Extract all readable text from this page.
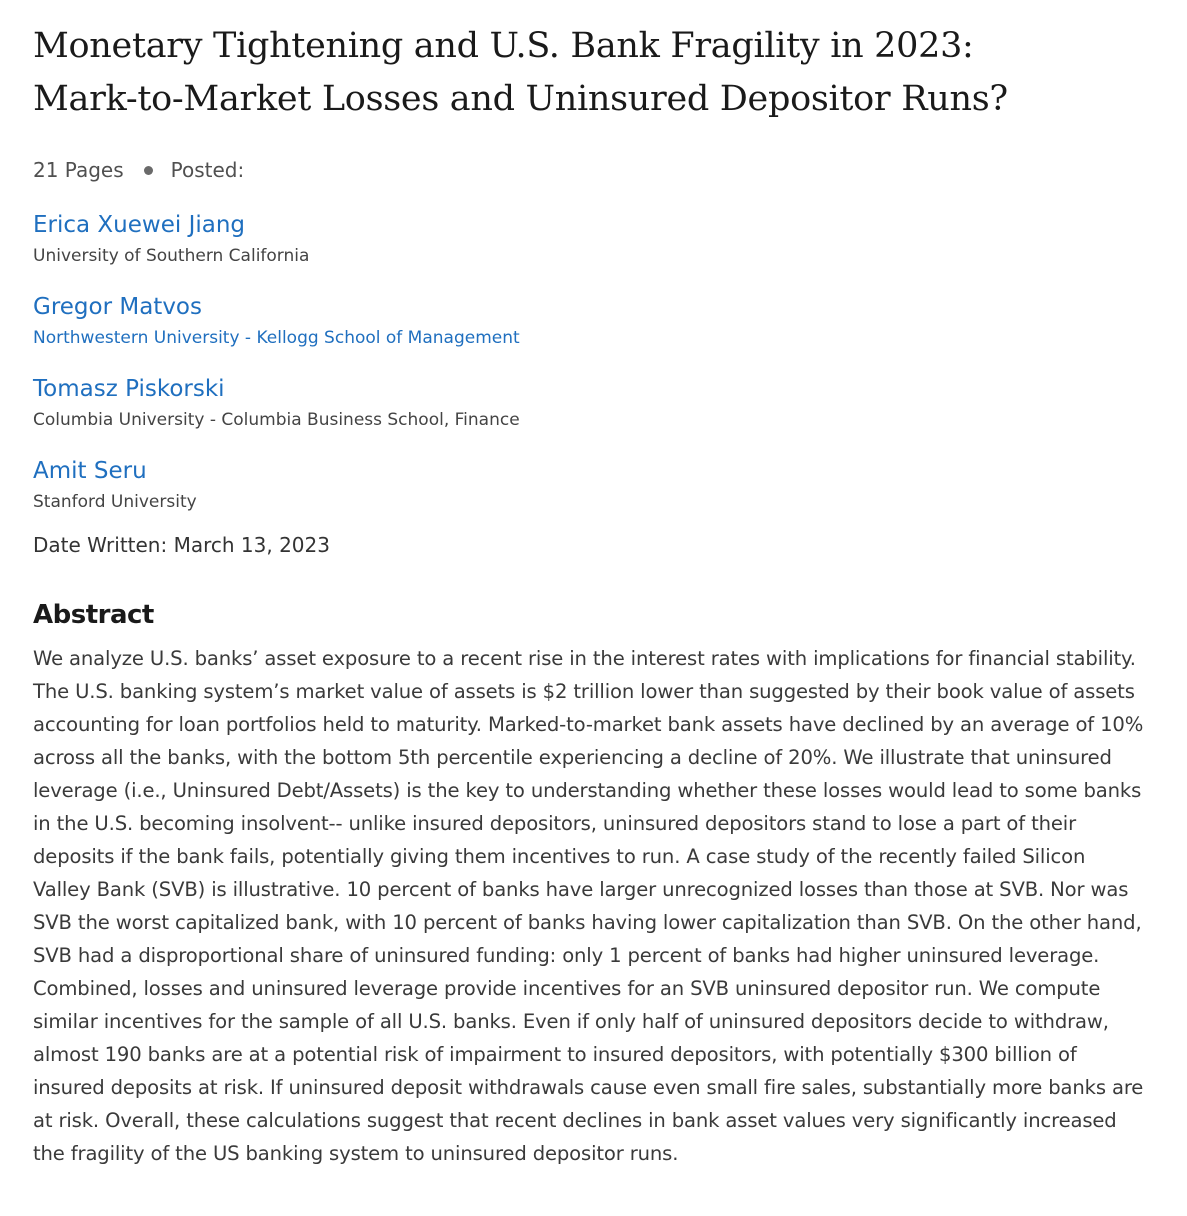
Monetary Tightening and U.S. Bank Fragility in 2023:
Mark-to-Market Losses and Uninsured Depositor Runs?
21 Pages Posted:
Erica Xuewei Jiang
University of Southern California
Gregor Matvos
Northwestern University - Kellogg School of Management
Tomasz Piskorski
Columbia University - Columbia Business School, Finance
Amit Seru
Stanford University
Date Written: March 13, 2023
Abstract
We analyze U.S. banks’ asset exposure to a recent rise in the interest rates with implications for financial stability. The U.S. banking system’s market value of assets is $2 trillion lower than suggested by their book value of assets accounting for loan portfolios held to maturity. Marked-to-market bank assets have declined by an average of 10% across all the banks, with the bottom 5th percentile experiencing a decline of 20%. We illustrate that uninsured leverage (i.e., Uninsured Debt/Assets) is the key to understanding whether these losses would lead to some banks in the U.S. becoming insolvent-- unlike insured depositors, uninsured depositors stand to lose a part of their deposits if the bank fails, potentially giving them incentives to run. A case study of the recently failed Silicon Valley Bank (SVB) is illustrative. 10 percent of banks have larger unrecognized losses than those at SVB. Nor was SVB the worst capitalized bank, with 10 percent of banks having lower capitalization than SVB. On the other hand, SVB had a disproportional share of uninsured funding: only 1 percent of banks had higher uninsured leverage. Combined, losses and uninsured leverage provide incentives for an SVB uninsured depositor run. We compute similar incentives for the sample of all U.S. banks. Even if only half of uninsured depositors decide to withdraw, almost 190 banks are at a potential risk of impairment to insured depositors, with potentially $300 billion of insured deposits at risk. If uninsured deposit withdrawals cause even small fire sales, substantially more banks are at risk. Overall, these calculations suggest that recent declines in bank asset values very significantly increased the fragility of the US banking system to uninsured depositor runs.
